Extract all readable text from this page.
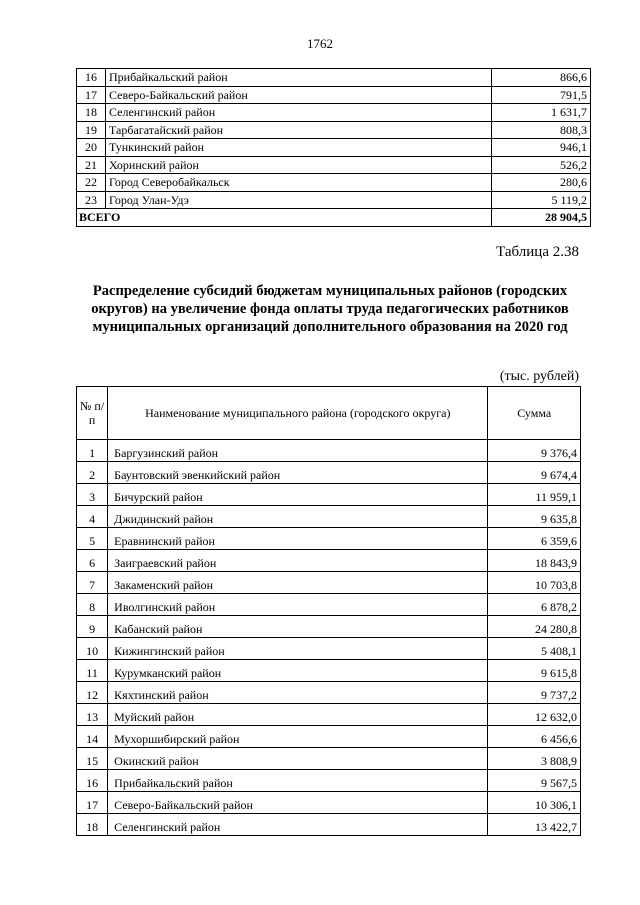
1762
16	Прибайкальский район	866,6
17	Северо-Байкальский район	791,5
18	Селенгинский район	1 631,7
19	Тарбагатайский район	808,3
20	Тункинский район	946,1
21	Хоринский район	526,2
22	Город Северобайкальск	280,6
23	Город Улан-Удэ	5 119,2
ВСЕГО		28 904,5
Таблица 2.38
Распределение субсидий бюджетам муниципальных районов (городских округов) на увеличение фонда оплаты труда педагогических работников муниципальных организаций дополнительного образования на 2020 год
(тыс. рублей)
№ п/п	Наименование муниципального района (городского округа)	Сумма
1	Баргузинский район	9 376,4
2	Баунтовский эвенкийский район	9 674,4
3	Бичурский район	11 959,1
4	Джидинский район	9 635,8
5	Еравнинский район	6 359,6
6	Заиграевский район	18 843,9
7	Закаменский район	10 703,8
8	Иволгинский район	6 878,2
9	Кабанский район	24 280,8
10	Кижингинский район	5 408,1
11	Курумканский район	9 615,8
12	Кяхтинский район	9 737,2
13	Муйский район	12 632,0
14	Мухоршибирский район	6 456,6
15	Окинский район	3 808,9
16	Прибайкальский район	9 567,5
17	Северо-Байкальский район	10 306,1
18	Селенгинский район	13 422,7
